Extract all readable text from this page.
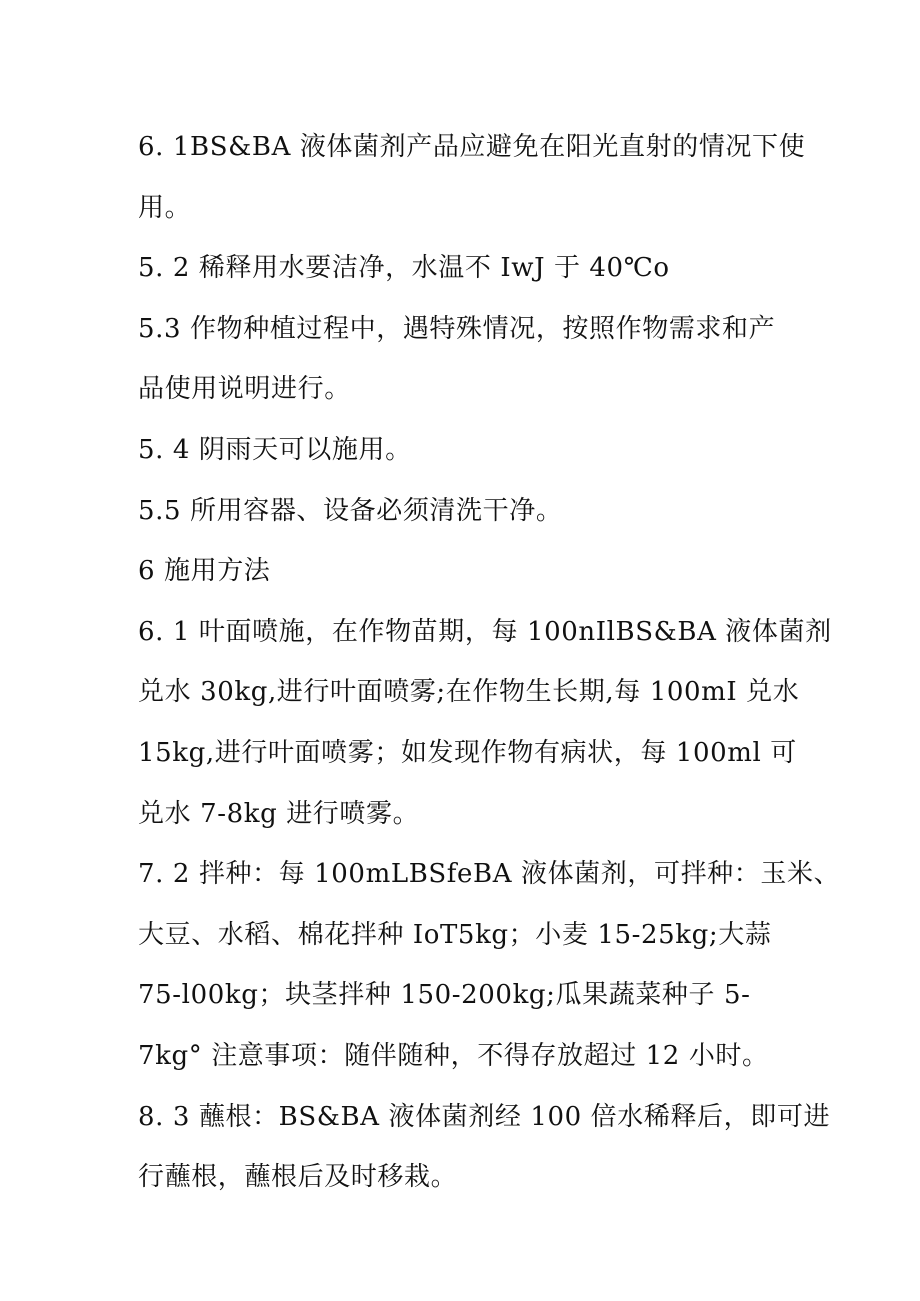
6. 1BS&BA 液体菌剂产品应避免在阳光直射的情况下使
用。
5. 2 稀释用水要洁净，水温不 IwJ 于 40℃o
5.3 作物种植过程中，遇特殊情况，按照作物需求和产
品使用说明进行。
5. 4 阴雨天可以施用。
5.5 所用容器、设备必须清洗干净。
6 施用方法
6. 1 叶面喷施，在作物苗期，每 100nIlBS&BA 液体菌剂
兑水 30kg,进行叶面喷雾;在作物生长期,每 100mI 兑水
15kg,进行叶面喷雾；如发现作物有病状，每 100ml 可
兑水 7-8kg 进行喷雾。
7. 2 拌种：每 100mLBSfeBA 液体菌剂，可拌种：玉米、
大豆、水稻、棉花拌种 IoT5kg；小麦 15-25kg;大蒜
75-l00kg；块茎拌种 150-200kg;瓜果蔬菜种子 5-
7kg° 注意事项：随伴随种，不得存放超过 12 小时。
8. 3 蘸根：BS&BA 液体菌剂经 100 倍水稀释后，即可进
行蘸根，蘸根后及时移栽。
